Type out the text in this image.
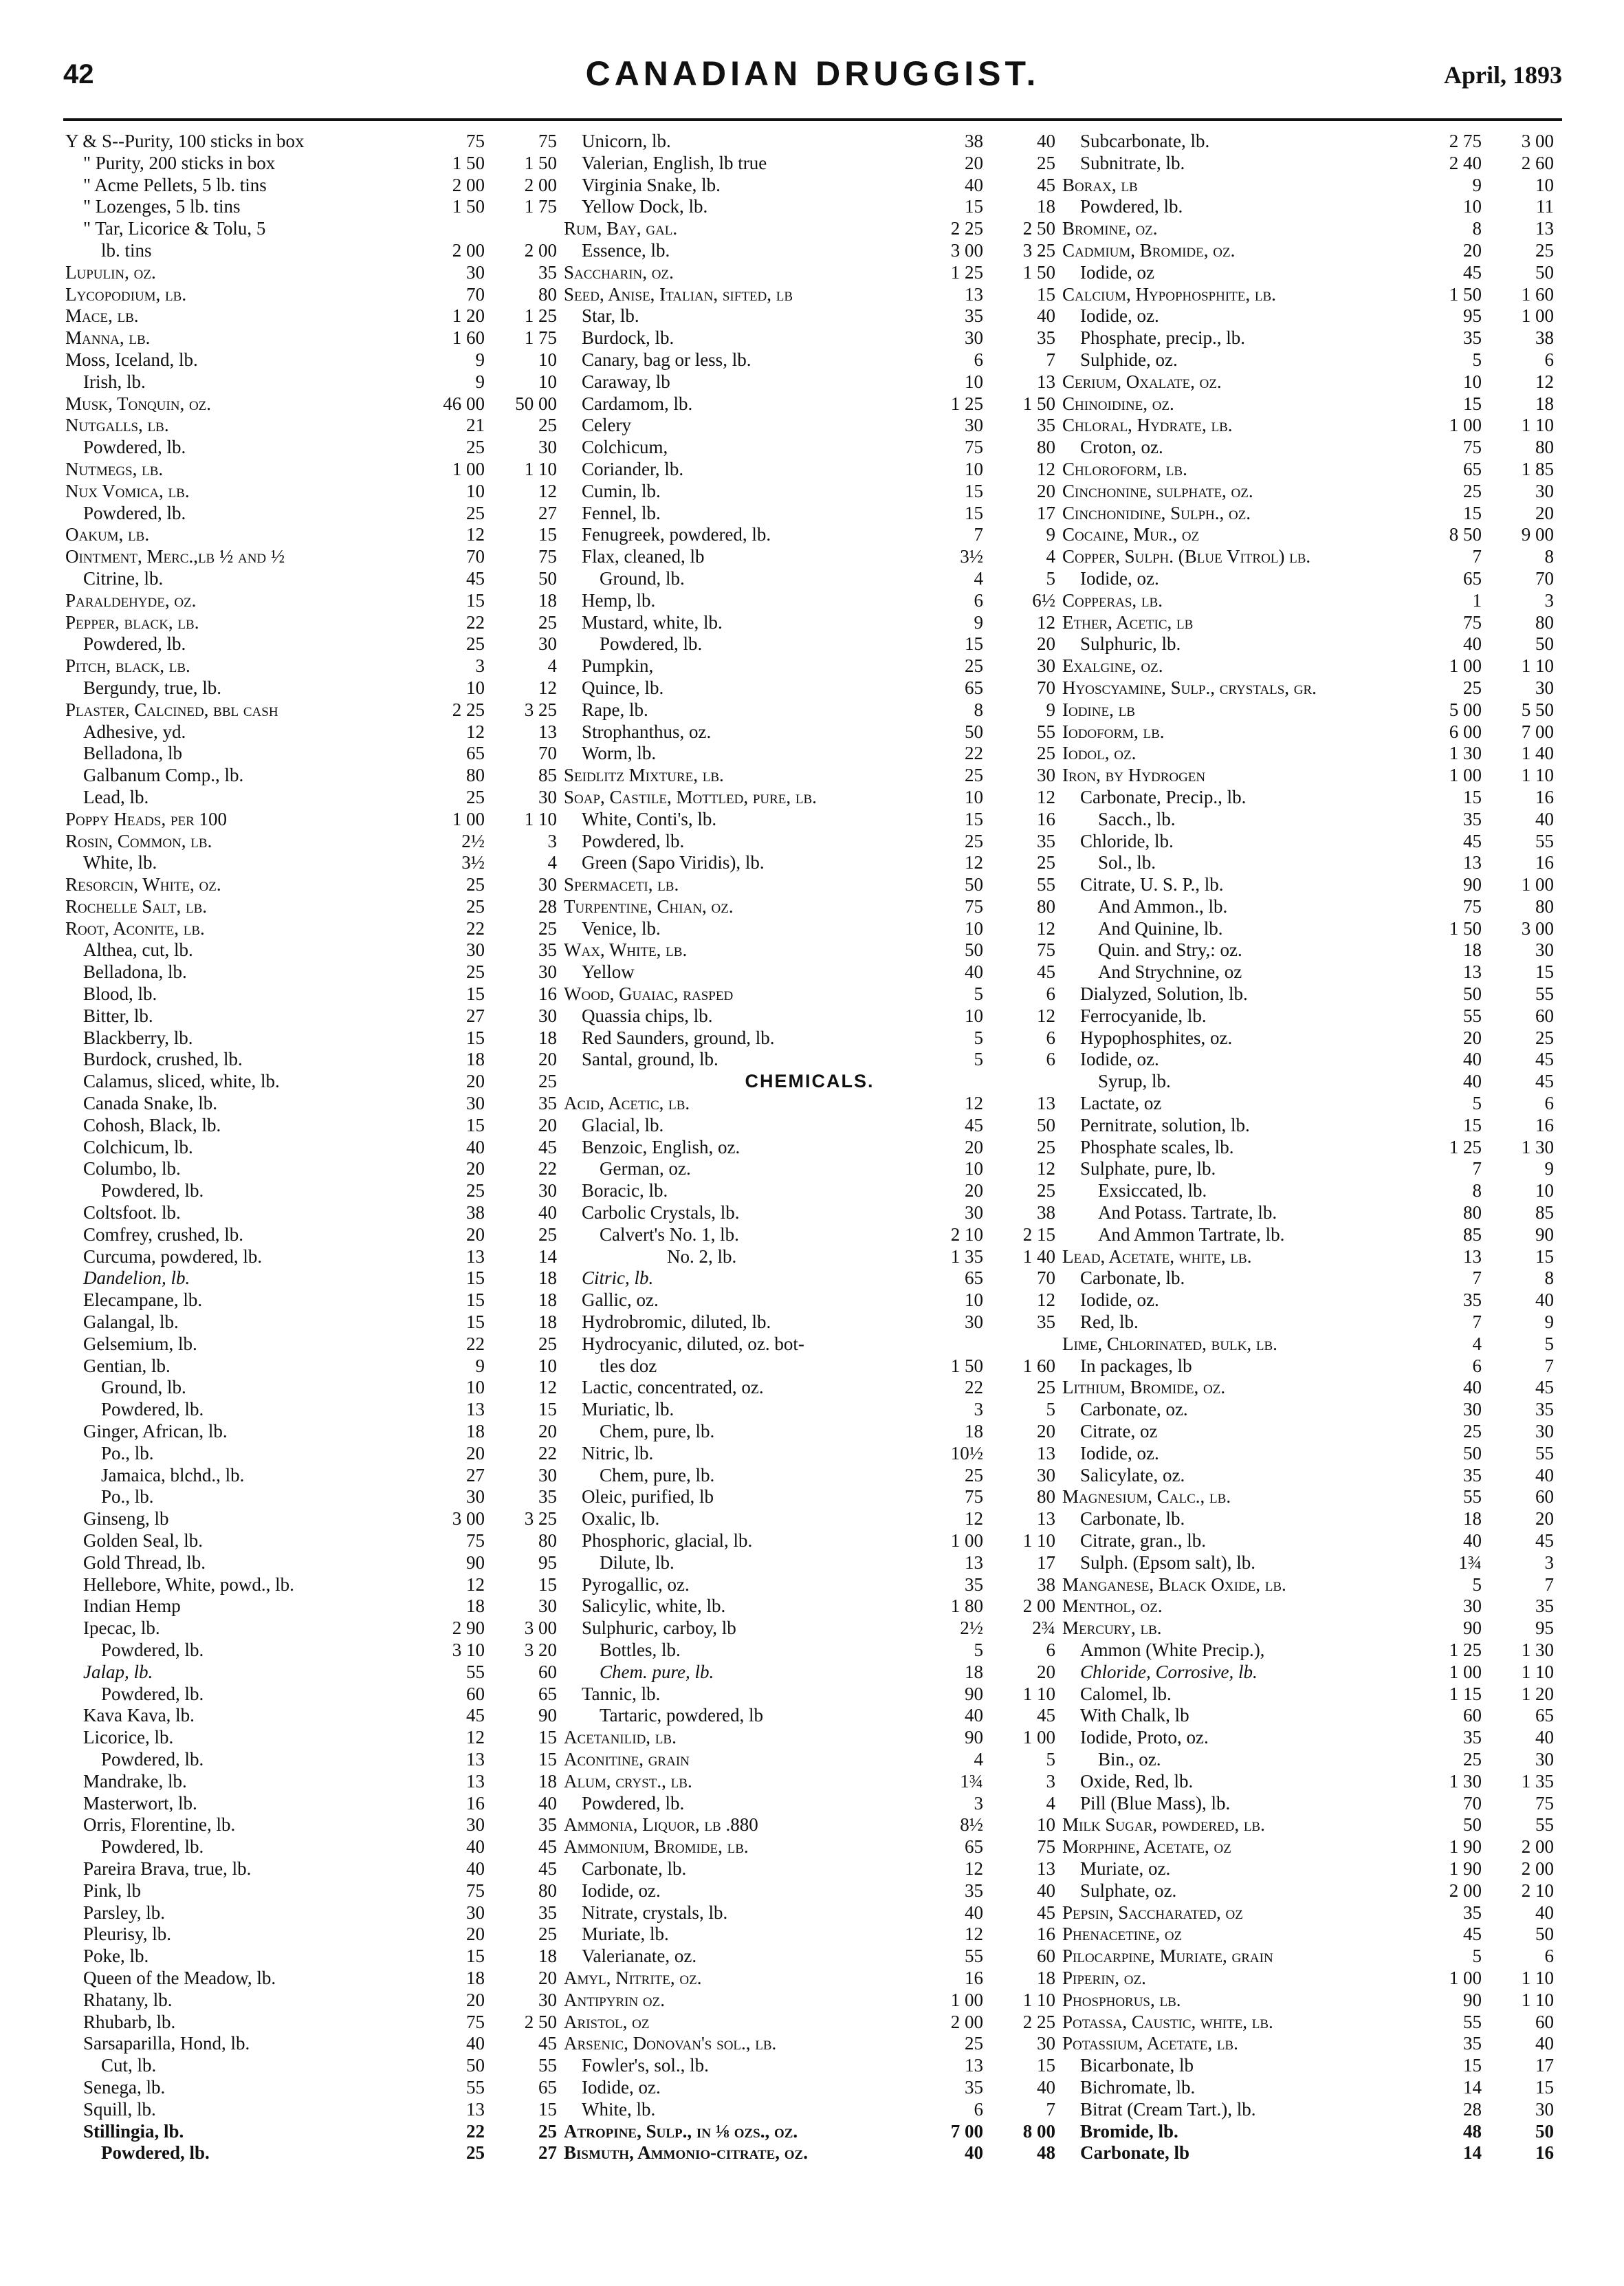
42	CANADIAN DRUGGIST.	April, 1893
Y & S--Purity, 100 sticks in box	75	75
" Purity, 200 sticks in box	1 50	1 50
" Acme Pellets, 5 lb. tins	2 00	2 00
" Lozenges, 5 lb. tins	1 50	1 75
" Tar, Licorice & Tolu, 5
lb. tins	2 00	2 00
Lupulin, oz.	30	35
Lycopodium, lb.	70	80
Mace, lb.	1 20	1 25
Manna, lb.	1 60	1 75
Moss, Iceland, lb.	9	10
Irish, lb.	9	10
Musk, Tonquin, oz.	46 00	50 00
Nutgalls, lb.	21	25
Powdered, lb.	25	30
Nutmegs, lb.	1 00	1 10
Nux Vomica, lb.	10	12
Powdered, lb.	25	27
Oakum, lb.	12	15
Ointment, Merc.,lb ½ and ½	70	75
Citrine, lb.	45	50
Paraldehyde, oz.	15	18
Pepper, black, lb.	22	25
Powdered, lb.	25	30
Pitch, black, lb.	3	4
Bergundy, true, lb.	10	12
Plaster, Calcined, bbl cash	2 25	3 25
Adhesive, yd.	12	13
Belladona, lb	65	70
Galbanum Comp., lb.	80	85
Lead, lb.	25	30
Poppy Heads, per 100	1 00	1 10
Rosin, Common, lb.	2½	3
White, lb.	3½	4
Resorcin, White, oz.	25	30
Rochelle Salt, lb.	25	28
Root, Aconite, lb.	22	25
Althea, cut, lb.	30	35
Belladona, lb.	25	30
Blood, lb.	15	16
Bitter, lb.	27	30
Blackberry, lb.	15	18
Burdock, crushed, lb.	18	20
Calamus, sliced, white, lb.	20	25
Canada Snake, lb.	30	35
Cohosh, Black, lb.	15	20
Colchicum, lb.	40	45
Columbo, lb.	20	22
Powdered, lb.	25	30
Coltsfoot. lb.	38	40
Comfrey, crushed, lb.	20	25
Curcuma, powdered, lb.	13	14
Dandelion, lb.	15	18
Elecampane, lb.	15	18
Galangal, lb.	15	18
Gelsemium, lb.	22	25
Gentian, lb.	9	10
Ground, lb.	10	12
Powdered, lb.	13	15
Ginger, African, lb.	18	20
Po., lb.	20	22
Jamaica, blchd., lb.	27	30
Po., lb.	30	35
Ginseng, lb	3 00	3 25
Golden Seal, lb.	75	80
Gold Thread, lb.	90	95
Hellebore, White, powd., lb.	12	15
Indian Hemp	18	30
Ipecac, lb.	2 90	3 00
Powdered, lb.	3 10	3 20
Jalap, lb.	55	60
Powdered, lb.	60	65
Kava Kava, lb.	45	90
Licorice, lb.	12	15
Powdered, lb.	13	15
Mandrake, lb.	13	18
Masterwort, lb.	16	40
Orris, Florentine, lb.	30	35
Powdered, lb.	40	45
Pareira Brava, true, lb.	40	45
Pink, lb	75	80
Parsley, lb.	30	35
Pleurisy, lb.	20	25
Poke, lb.	15	18
Queen of the Meadow, lb.	18	20
Rhatany, lb.	20	30
Rhubarb, lb.	75	2 50
Sarsaparilla, Hond, lb.	40	45
Cut, lb.	50	55
Senega, lb.	55	65
Squill, lb.	13	15
Stillingia, lb.	22	25
Powdered, lb.	25	27
Unicorn, lb.	38	40
Valerian, English, lb true	20	25
Virginia Snake, lb.	40	45
Yellow Dock, lb.	15	18
Rum, Bay, gal.	2 25	2 50
Essence, lb.	3 00	3 25
Saccharin, oz.	1 25	1 50
Seed, Anise, Italian, sifted, lb	13	15
Star, lb.	35	40
Burdock, lb.	30	35
Canary, bag or less, lb.	6	7
Caraway, lb	10	13
Cardamom, lb.	1 25	1 50
Celery	30	35
Colchicum,	75	80
Coriander, lb.	10	12
Cumin, lb.	15	20
Fennel, lb.	15	17
Fenugreek, powdered, lb.	7	9
Flax, cleaned, lb	3½	4
Ground, lb.	4	5
Hemp, lb.	6	6½
Mustard, white, lb.	9	12
Powdered, lb.	15	20
Pumpkin,	25	30
Quince, lb.	65	70
Rape, lb.	8	9
Strophanthus, oz.	50	55
Worm, lb.	22	25
Seidlitz Mixture, lb.	25	30
Soap, Castile, Mottled, pure, lb.	10	12
White, Conti's, lb.	15	16
Powdered, lb.	25	35
Green (Sapo Viridis), lb.	12	25
Spermaceti, lb.	50	55
Turpentine, Chian, oz.	75	80
Venice, lb.	10	12
Wax, White, lb.	50	75
Yellow	40	45
Wood, Guaiac, rasped	5	6
Quassia chips, lb.	10	12
Red Saunders, ground, lb.	5	6
Santal, ground, lb.	5	6
CHEMICALS.
Acid, Acetic, lb.	12	13
Glacial, lb.	45	50
Benzoic, English, oz.	20	25
German, oz.	10	12
Boracic, lb.	20	25
Carbolic Crystals, lb.	30	38
Calvert's No. 1, lb.	2 10	2 15
No. 2, lb.	1 35	1 40
Citric, lb.	65	70
Gallic, oz.	10	12
Hydrobromic, diluted, lb.	30	35
Hydrocyanic, diluted, oz. bot-
tles doz	1 50	1 60
Lactic, concentrated, oz.	22	25
Muriatic, lb.	3	5
Chem, pure, lb.	18	20
Nitric, lb.	10½	13
Chem, pure, lb.	25	30
Oleic, purified, lb	75	80
Oxalic, lb.	12	13
Phosphoric, glacial, lb.	1 00	1 10
Dilute, lb.	13	17
Pyrogallic, oz.	35	38
Salicylic, white, lb.	1 80	2 00
Sulphuric, carboy, lb	2½	2¾
Bottles, lb.	5	6
Chem. pure, lb.	18	20
Tannic, lb.	90	1 10
Tartaric, powdered, lb	40	45
Acetanilid, lb.	90	1 00
Aconitine, grain	4	5
Alum, cryst., lb.	1¾	3
Powdered, lb.	3	4
Ammonia, Liquor, lb .880	8½	10
Ammonium, Bromide, lb.	65	75
Carbonate, lb.	12	13
Iodide, oz.	35	40
Nitrate, crystals, lb.	40	45
Muriate, lb.	12	16
Valerianate, oz.	55	60
Amyl, Nitrite, oz.	16	18
Antipyrin oz.	1 00	1 10
Aristol, oz	2 00	2 25
Arsenic, Donovan's sol., lb.	25	30
Fowler's, sol., lb.	13	15
Iodide, oz.	35	40
White, lb.	6	7
Atropine, Sulp., in ⅛ ozs., oz.	7 00	8 00
Bismuth, Ammonio-citrate, oz.	40	48
Subcarbonate, lb.	2 75	3 00
Subnitrate, lb.	2 40	2 60
Borax, lb	9	10
Powdered, lb.	10	11
Bromine, oz.	8	13
Cadmium, Bromide, oz.	20	25
Iodide, oz	45	50
Calcium, Hypophosphite, lb.	1 50	1 60
Iodide, oz.	95	1 00
Phosphate, precip., lb.	35	38
Sulphide, oz.	5	6
Cerium, Oxalate, oz.	10	12
Chinoidine, oz.	15	18
Chloral, Hydrate, lb.	1 00	1 10
Croton, oz.	75	80
Chloroform, lb.	65	1 85
Cinchonine, sulphate, oz.	25	30
Cinchonidine, Sulph., oz.	15	20
Cocaine, Mur., oz	8 50	9 00
Copper, Sulph. (Blue Vitrol) lb.	7	8
Iodide, oz.	65	70
Copperas, lb.	1	3
Ether, Acetic, lb	75	80
Sulphuric, lb.	40	50
Exalgine, oz.	1 00	1 10
Hyoscyamine, Sulp., crystals, gr.	25	30
Iodine, lb	5 00	5 50
Iodoform, lb.	6 00	7 00
Iodol, oz.	1 30	1 40
Iron, by Hydrogen	1 00	1 10
Carbonate, Precip., lb.	15	16
Sacch., lb.	35	40
Chloride, lb.	45	55
Sol., lb.	13	16
Citrate, U. S. P., lb.	90	1 00
And Ammon., lb.	75	80
And Quinine, lb.	1 50	3 00
Quin. and Stry,: oz.	18	30
And Strychnine, oz	13	15
Dialyzed, Solution, lb.	50	55
Ferrocyanide, lb.	55	60
Hypophosphites, oz.	20	25
Iodide, oz.	40	45
Syrup, lb.	40	45
Lactate, oz	5	6
Pernitrate, solution, lb.	15	16
Phosphate scales, lb.	1 25	1 30
Sulphate, pure, lb.	7	9
Exsiccated, lb.	8	10
And Potass. Tartrate, lb.	80	85
And Ammon Tartrate, lb.	85	90
Lead, Acetate, white, lb.	13	15
Carbonate, lb.	7	8
Iodide, oz.	35	40
Red, lb.	7	9
Lime, Chlorinated, bulk, lb.	4	5
In packages, lb	6	7
Lithium, Bromide, oz.	40	45
Carbonate, oz.	30	35
Citrate, oz	25	30
Iodide, oz.	50	55
Salicylate, oz.	35	40
Magnesium, Calc., lb.	55	60
Carbonate, lb.	18	20
Citrate, gran., lb.	40	45
Sulph. (Epsom salt), lb.	1¾	3
Manganese, Black Oxide, lb.	5	7
Menthol, oz.	30	35
Mercury, lb.	90	95
Ammon (White Precip.),	1 25	1 30
Chloride, Corrosive, lb.	1 00	1 10
Calomel, lb.	1 15	1 20
With Chalk, lb	60	65
Iodide, Proto, oz.	35	40
Bin., oz.	25	30
Oxide, Red, lb.	1 30	1 35
Pill (Blue Mass), lb.	70	75
Milk Sugar, powdered, lb.	50	55
Morphine, Acetate, oz	1 90	2 00
Muriate, oz.	1 90	2 00
Sulphate, oz.	2 00	2 10
Pepsin, Saccharated, oz	35	40
Phenacetine, oz	45	50
Pilocarpine, Muriate, grain	5	6
Piperin, oz.	1 00	1 10
Phosphorus, lb.	90	1 10
Potassa, Caustic, white, lb.	55	60
Potassium, Acetate, lb.	35	40
Bicarbonate, lb	15	17
Bichromate, lb.	14	15
Bitrat (Cream Tart.), lb.	28	30
Bromide, lb.	48	50
Carbonate, lb	14	16
